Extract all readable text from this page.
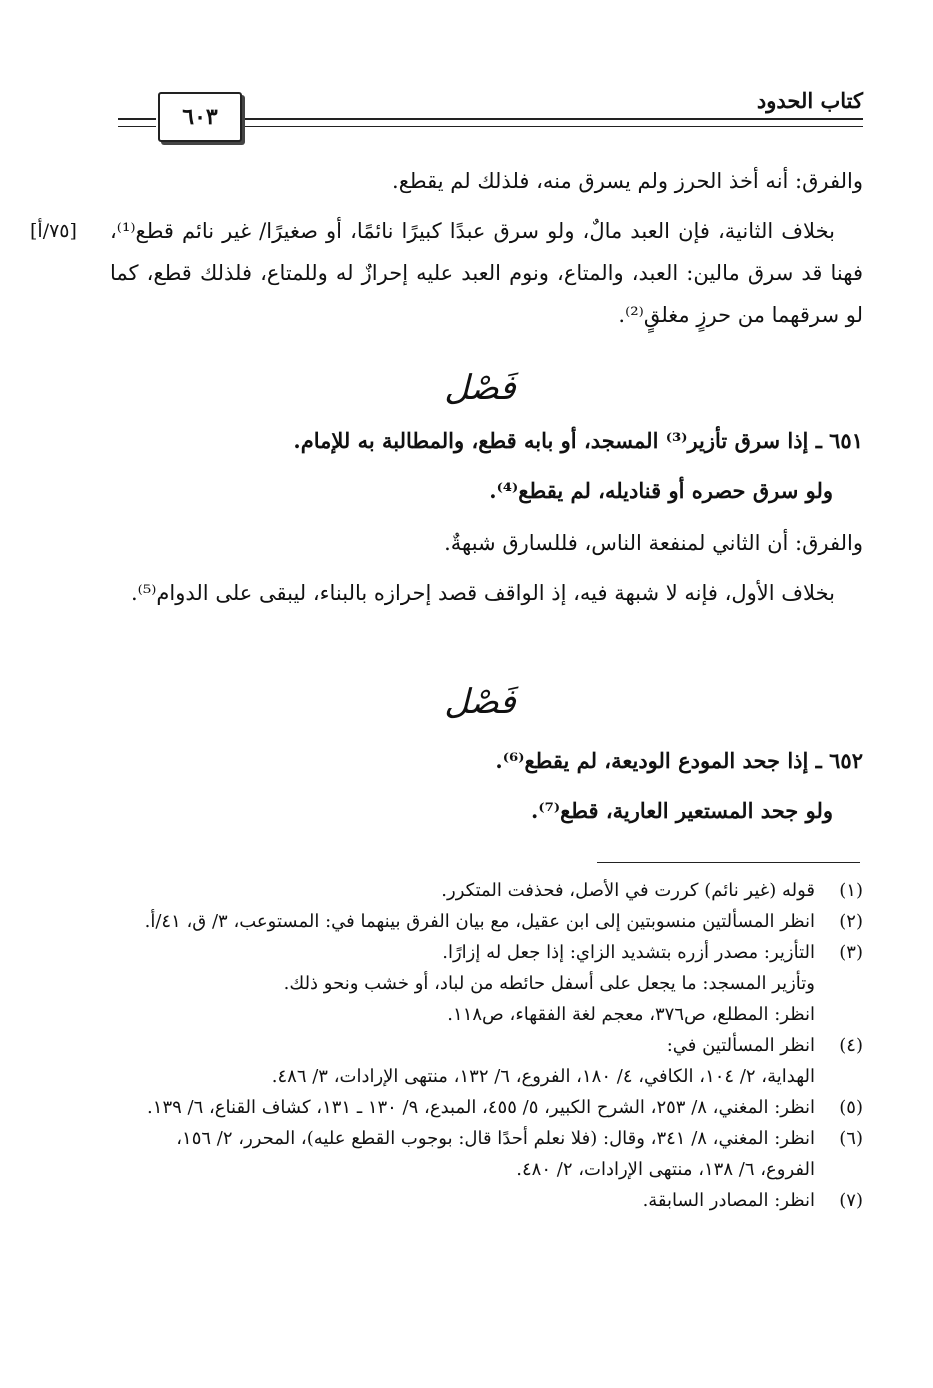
كتاب الحدود
٦٠٣
[٧٥/أ]
والفرق: أنه أخذ الحرز ولم يسرق منه، فلذلك لم يقطع.
بخلاف الثانية، فإن العبد مالٌ، ولو سرق عبدًا كبيرًا نائمًا، أو صغيرًا/ غير نائم قطع⁽¹⁾، فهنا قد سرق مالين: العبد، والمتاع، ونوم العبد عليه إحرازٌ له وللمتاع، فلذلك قطع، كما لو سرقهما من حرزٍ مغلقٍ⁽²⁾.
فَصْل
٦٥١ ـ إذا سرق تأزير⁽³⁾ المسجد، أو بابه قطع، والمطالبة به للإمام.
ولو سرق حصره أو قناديله، لم يقطع⁽⁴⁾.
والفرق: أن الثاني لمنفعة الناس، فللسارق شبهةٌ.
بخلاف الأول، فإنه لا شبهة فيه، إذ الواقف قصد إحرازه بالبناء، ليبقى على الدوام⁽⁵⁾.
فَصْل
٦٥٢ ـ إذا جحد المودع الوديعة، لم يقطع⁽⁶⁾.
ولو جحد المستعير العارية، قطع⁽⁷⁾.
(١)
قوله (غير نائم) كررت في الأصل، فحذفت المتكرر.
(٢)
انظر المسألتين منسوبتين إلى ابن عقيل، مع بيان الفرق بينهما في: المستوعب، ٣/ ق، ٤١/أ.
(٣)
التأزير: مصدر أزره بتشديد الزاي: إذا جعل له إزارًا.
وتأزير المسجد: ما يجعل على أسفل حائطه من لباد، أو خشب ونحو ذلك.
انظر: المطلع، ص٣٧٦، معجم لغة الفقهاء، ص١١٨.
(٤)
انظر المسألتين في:
الهداية، ٢/ ١٠٤، الكافي، ٤/ ١٨٠، الفروع، ٦/ ١٣٢، منتهى الإرادات، ٣/ ٤٨٦.
(٥)
انظر: المغني، ٨/ ٢٥٣، الشرح الكبير، ٥/ ٤٥٥، المبدع، ٩/ ١٣٠ ـ ١٣١، كشاف القناع، ٦/ ١٣٩.
(٦)
انظر: المغني، ٨/ ٣٤١، وقال: (فلا نعلم أحدًا قال: بوجوب القطع عليه)، المحرر، ٢/ ١٥٦، الفروع، ٦/ ١٣٨، منتهى الإرادات، ٢/ ٤٨٠.
(٧)
انظر: المصادر السابقة.
